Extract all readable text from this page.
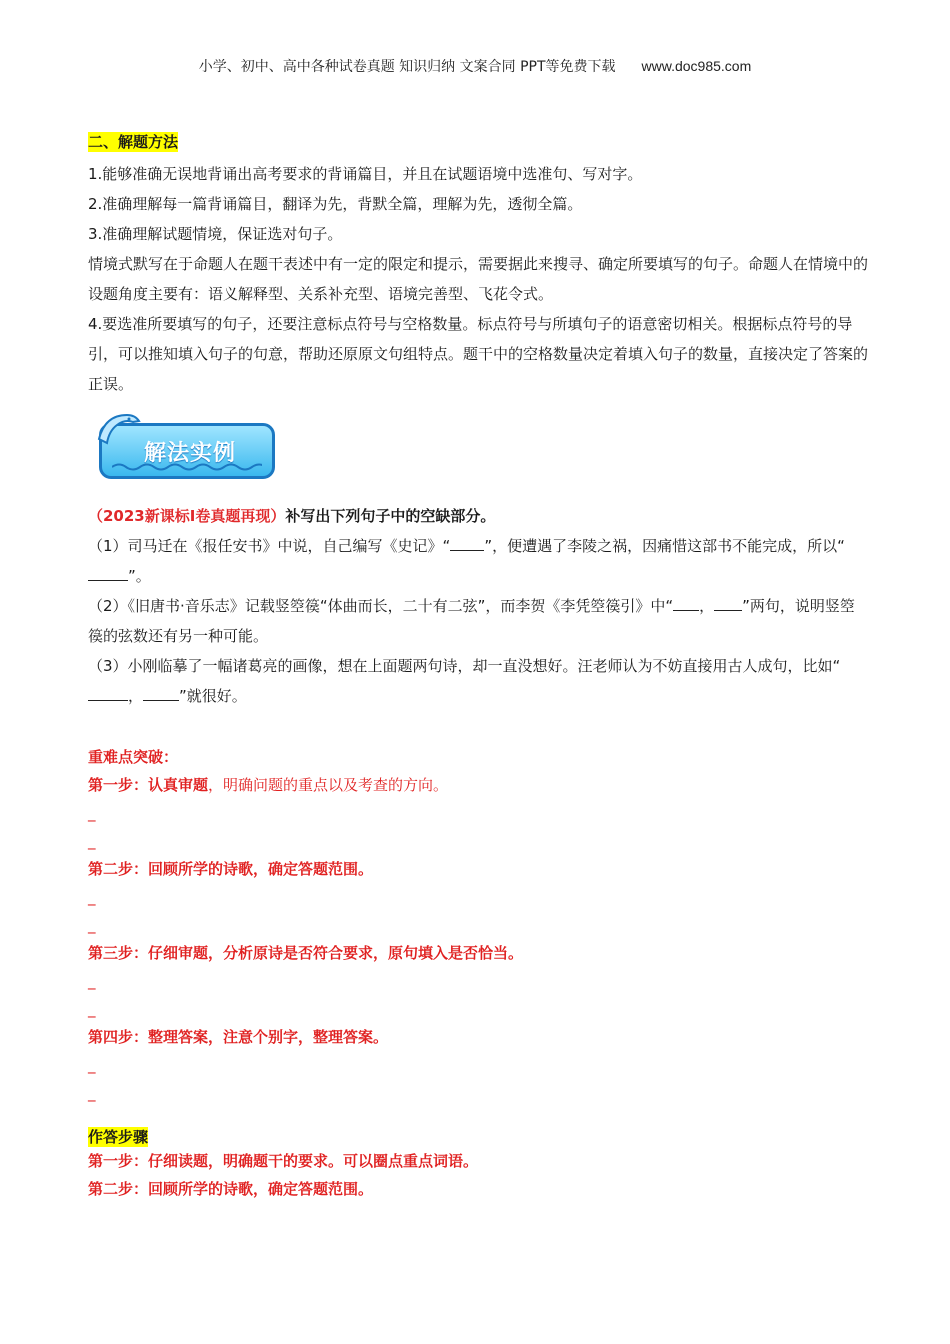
小学、初中、高中各种试卷真题 知识归纳 文案合同 PPT等免费下载 www.doc985.com
二、解题方法

1.能够准确无误地背诵出高考要求的背诵篇目，并且在试题语境中选准句、写对字。

2.准确理解每一篇背诵篇目，翻译为先，背默全篇，理解为先，透彻全篇。

3.准确理解试题情境，保证选对句子。

情境式默写在于命题人在题干表述中有一定的限定和提示，需要据此来搜寻、确定所要填写的句子。命题人在情境中的设题角度主要有：语义解释型、关系补充型、语境完善型、飞花令式。

4.要选准所要填写的句子，还要注意标点符号与空格数量。标点符号与所填句子的语意密切相关。根据标点符号的导引，可以推知填入句子的句意，帮助还原原文句组特点。题干中的空格数量决定着填入句子的数量，直接决定了答案的正误。

解法实例
（2023新课标Ⅰ卷真题再现）补写出下列句子中的空缺部分。

（1）司马迁在《报任安书》中说，自己编写《史记》“ ”，便遭遇了李陵之祸，因痛惜这部书不能完成，所以“”。

（2）《旧唐书·音乐志》记载竖箜篌“体曲而长，二十有二弦”，而李贺《李凭箜篌引》中“ ， ”两句，说明竖箜篌的弦数还有另一种可能。

（3）小刚临摹了一幅诸葛亮的画像，想在上面题两句诗，却一直没想好。汪老师认为不妨直接用古人成句，比如“， ”就很好。

重难点突破：

第一步：认真审题，明确问题的重点以及考查的方向。

_

_

第二步：回顾所学的诗歌，确定答题范围。

_

_

第三步：仔细审题，分析原诗是否符合要求，原句填入是否恰当。

_

_

第四步：整理答案，注意个别字，整理答案。

_

_

作答步骤

第一步：仔细读题，明确题干的要求。可以圈点重点词语。

第二步：回顾所学的诗歌，确定答题范围。
